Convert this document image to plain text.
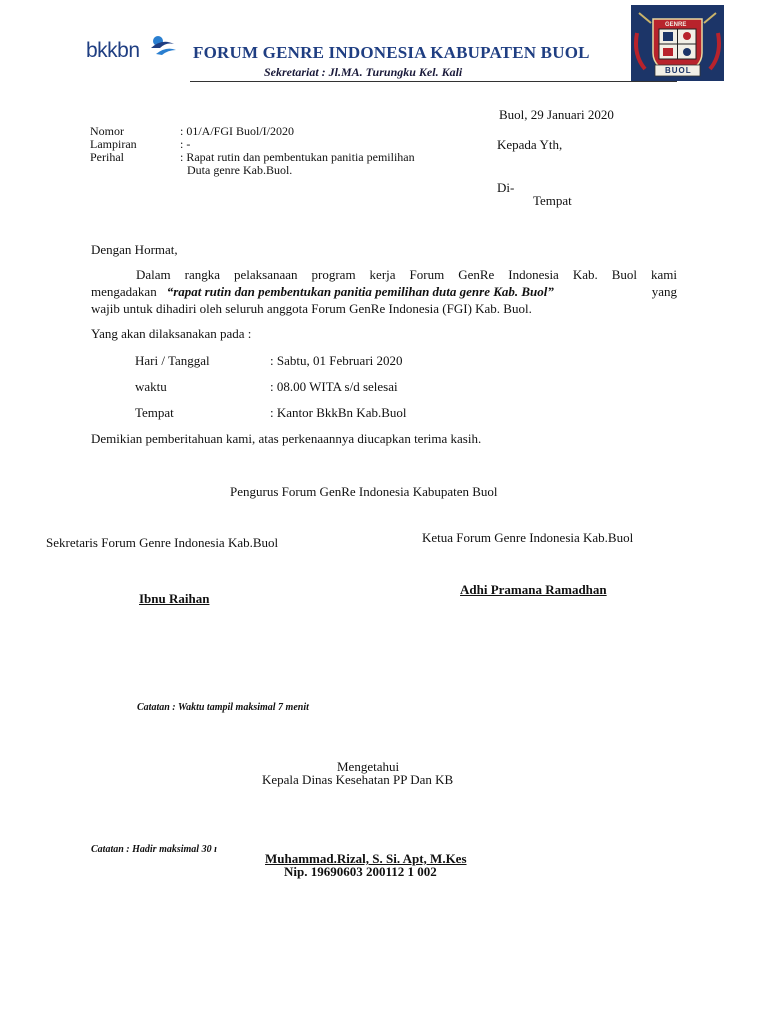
bkkbn	FORUM GENRE INDONESIA KABUPATEN BUOL
Sekretariat : Jl.MA. Turungku Kel. Kali
GENRE
BUOL
Buol, 29 Januari 2020
Nomor	: 01/A/FGI Buol/I/2020
Lampiran	: -
Perihal	: Rapat rutin dan pembentukan panitia pemilihan
Duta genre Kab.Buol.
Kepada Yth,
Di-
Tempat
Dengan Hormat,
Dalam rangka pelaksanaan program kerja Forum GenRe Indonesia Kab. Buol kami
mengadakan “rapat rutin dan pembentukan panitia pemilihan duta genre Kab. Buol”	yang
wajib untuk dihadiri oleh seluruh anggota Forum GenRe Indonesia (FGI) Kab. Buol.
Yang akan dilaksanakan pada :
Hari / Tanggal	: Sabtu, 01 Februari 2020
waktu	: 08.00 WITA s/d selesai
Tempat	: Kantor BkkBn Kab.Buol
Demikian pemberitahuan kami, atas perkenaannya diucapkan terima kasih.
Pengurus Forum GenRe Indonesia Kabupaten Buol
Sekretaris Forum Genre Indonesia Kab.Buol	Ketua Forum Genre Indonesia Kab.Buol
Ibnu Raihan
Adhi Pramana Ramadhan
Catatan : Waktu tampil maksimal 7 menit
Mengetahui
Kepala Dinas Kesehatan PP Dan KB
Catatan : Hadir maksimal 30 ı
Muhammad.Rizal, S. Si. Apt, M.Kes
Nip. 19690603 200112 1 002
